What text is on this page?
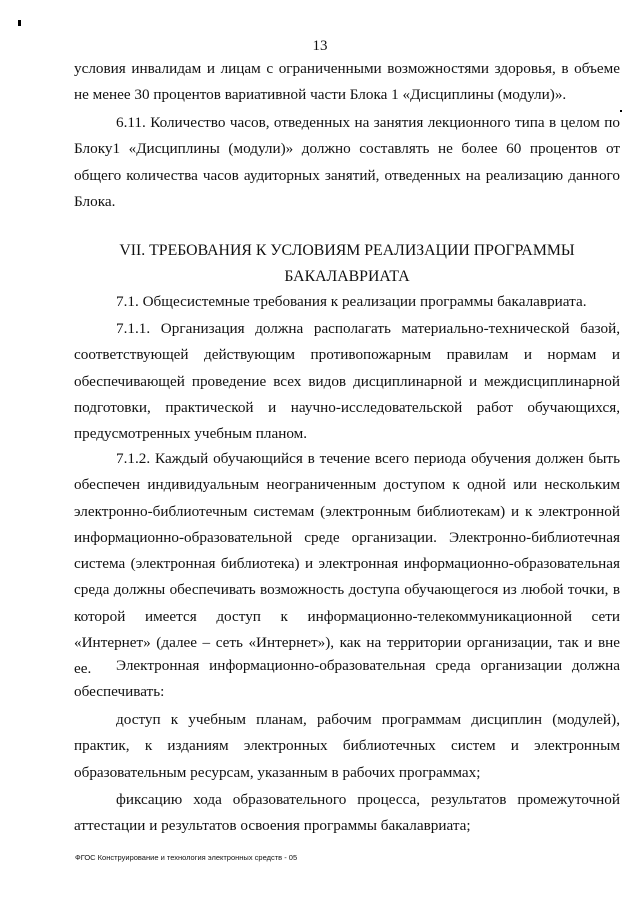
13
условия инвалидам и лицам с ограниченными возможностями здоровья, в объеме не менее 30 процентов вариативной части Блока 1 «Дисциплины (модули)».
6.11. Количество часов, отведенных на занятия лекционного типа в целом по Блоку1 «Дисциплины (модули)» должно составлять не более 60 процентов от общего количества часов аудиторных занятий, отведенных на реализацию данного Блока.
VII. ТРЕБОВАНИЯ К УСЛОВИЯМ РЕАЛИЗАЦИИ ПРОГРАММЫ
БАКАЛАВРИАТА
7.1. Общесистемные требования к реализации программы бакалавриата.
7.1.1. Организация должна располагать материально-технической базой, соответствующей действующим противопожарным правилам и нормам и обеспечивающей проведение всех видов дисциплинарной и междисциплинарной подготовки, практической и научно-исследовательской работ обучающихся, предусмотренных учебным планом.
7.1.2. Каждый обучающийся в течение всего периода обучения должен быть обеспечен индивидуальным неограниченным доступом к одной или нескольким электронно-библиотечным системам (электронным библиотекам) и к электронной информационно-образовательной среде организации. Электронно-библиотечная система (электронная библиотека) и электронная информационно-образовательная среда должны обеспечивать возможность доступа обучающегося из любой точки, в которой имеется доступ к информационно-телекоммуникационной сети «Интернет» (далее – сеть «Интернет»), как на территории организации, так и вне ее.	Электронная информационно-образовательная среда организации должна обеспечивать:
доступ к учебным планам, рабочим программам дисциплин (модулей), практик, к изданиям электронных библиотечных систем и электронным образовательным ресурсам, указанным в рабочих программах;
фиксацию хода образовательного процесса, результатов промежуточной аттестации и результатов освоения программы бакалавриата;
ФГОС Конструирование и технология электронных средств - 05
